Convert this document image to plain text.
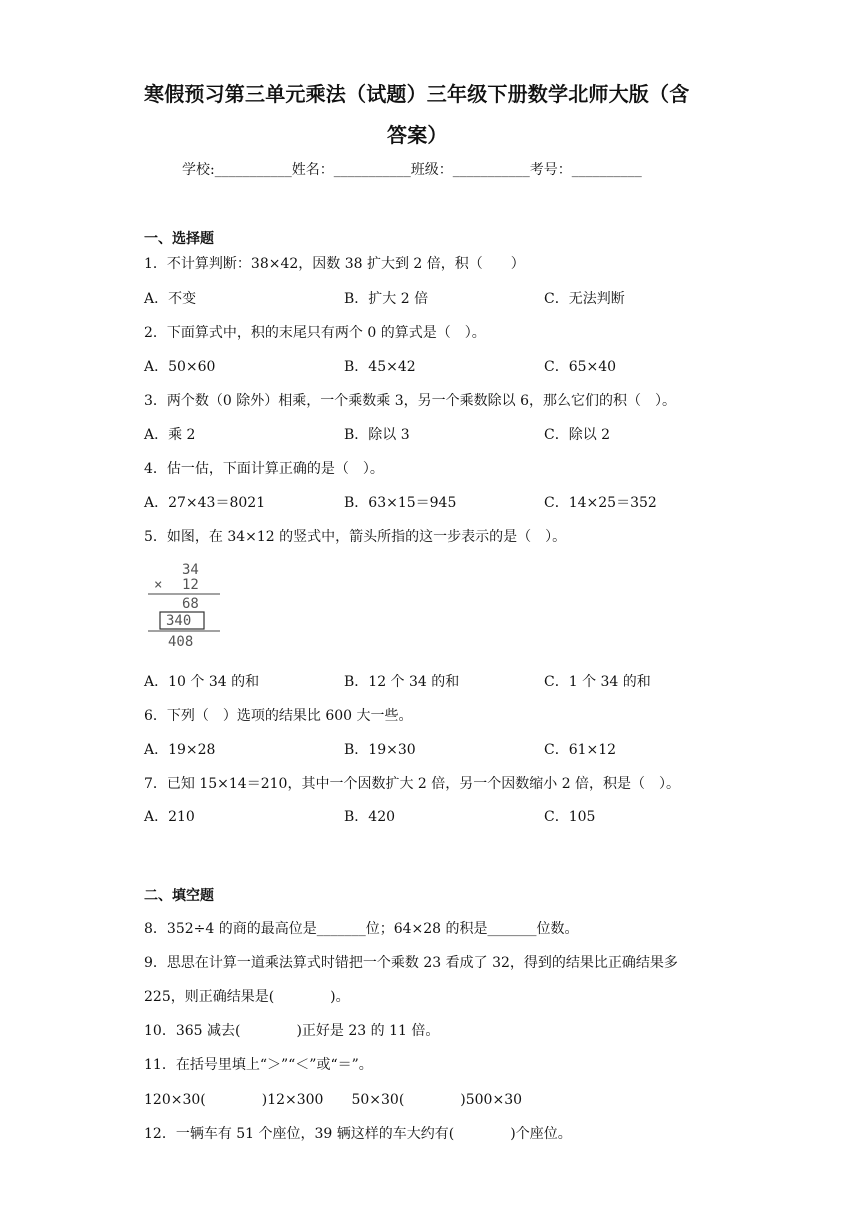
寒假预习第三单元乘法（试题）三年级下册数学北师大版（含
答案）
学校:___________姓名：___________班级：___________考号：__________
一、选择题
1．不计算判断：38×42，因数 38 扩大到 2 倍，积（　　）
A．不变	B．扩大 2 倍	C．无法判断
2．下面算式中，积的末尾只有两个 0 的算式是（　）。
A．50×60	B．45×42	C．65×40
3．两个数（0 除外）相乘，一个乘数乘 3，另一个乘数除以 6，那么它们的积（　）。
A．乘 2	B．除以 3	C．除以 2
4．估一估，下面计算正确的是（　）。
A．27×43＝8021	B．63×15＝945	C．14×25＝352
5．如图，在 34×12 的竖式中，箭头所指的这一步表示的是（　）。
34
× 12
68
340
408
A．10 个 34 的和	B．12 个 34 的和	C．1 个 34 的和
6．下列（　）选项的结果比 600 大一些。
A．19×28	B．19×30	C．61×12
7．已知 15×14＝210，其中一个因数扩大 2 倍，另一个因数缩小 2 倍，积是（　）。
A．210	B．420	C．105
二、填空题
8．352÷4 的商的最高位是_______位；64×28 的积是_______位数。
9．思思在计算一道乘法算式时错把一个乘数 23 看成了 32，得到的结果比正确结果多
225，则正确结果是(　　　　)。
10．365 减去(　　　　)正好是 23 的 11 倍。
11．在括号里填上“＞”“＜”或“＝”。
120×30(　　　　)12×300　　50×30(　　　　)500×30
12．一辆车有 51 个座位，39 辆这样的车大约有(　　　　)个座位。
